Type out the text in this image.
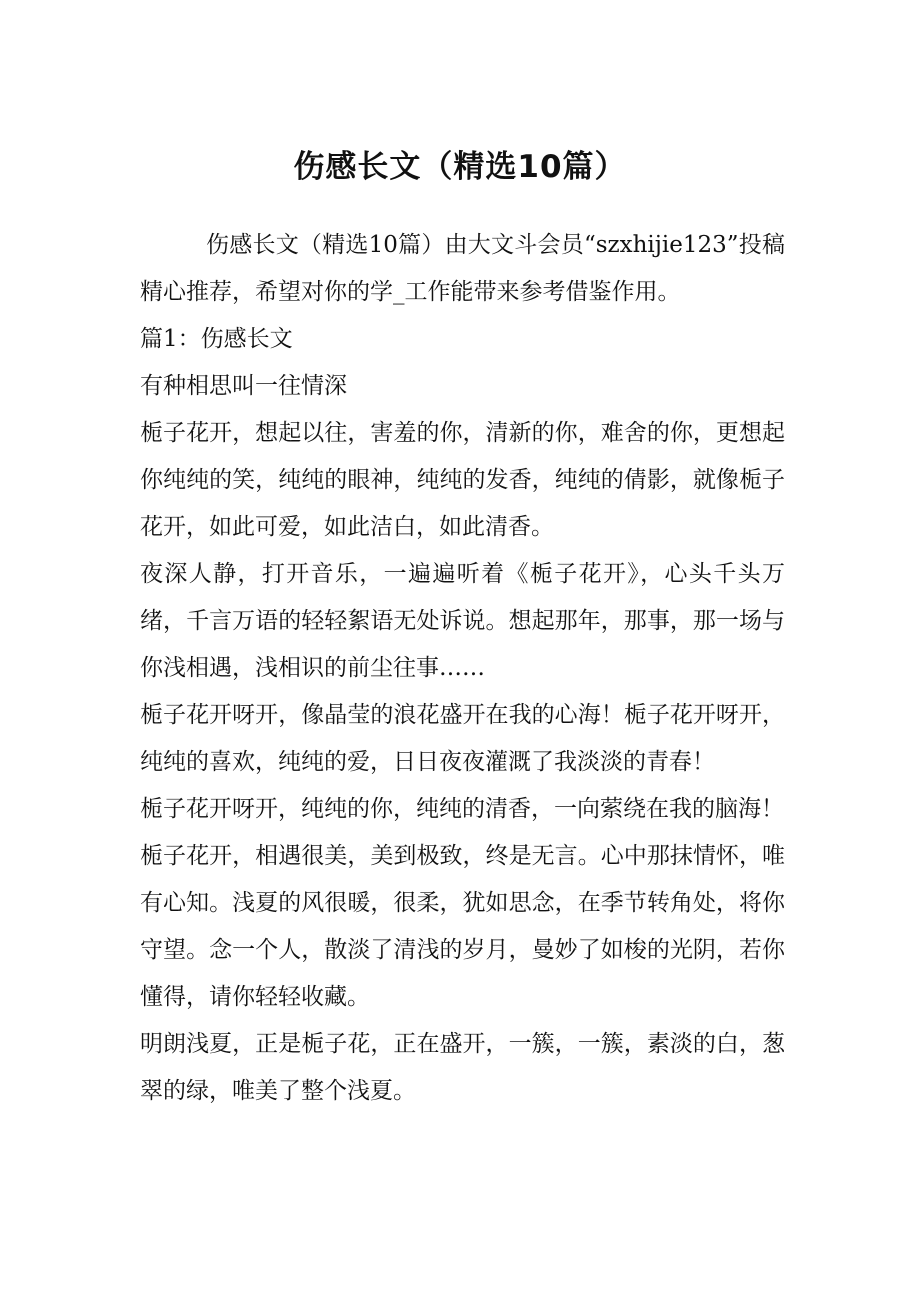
伤感长文（精选10篇）

伤感长文（精选10篇）由大文斗会员“szxhijie123”投稿精心推荐，希望对你的学_工作能带来参考借鉴作用。

篇1：伤感长文

有种相思叫一往情深

栀子花开，想起以往，害羞的你，清新的你，难舍的你，更想起你纯纯的笑，纯纯的眼神，纯纯的发香，纯纯的倩影，就像栀子花开，如此可爱，如此洁白，如此清香。

夜深人静，打开音乐，一遍遍听着《栀子花开》，心头千头万绪，千言万语的轻轻絮语无处诉说。想起那年，那事，那一场与你浅相遇，浅相识的前尘往事……

栀子花开呀开，像晶莹的浪花盛开在我的心海！栀子花开呀开，纯纯的喜欢，纯纯的爱，日日夜夜灌溉了我淡淡的青春！

栀子花开呀开，纯纯的你，纯纯的清香，一向萦绕在我的脑海！

栀子花开，相遇很美，美到极致，终是无言。心中那抹情怀，唯有心知。浅夏的风很暖，很柔，犹如思念，在季节转角处，将你守望。念一个人，散淡了清浅的岁月，曼妙了如梭的光阴，若你懂得，请你轻轻收藏。

明朗浅夏，正是栀子花，正在盛开，一簇，一簇，素淡的白，葱翠的绿，唯美了整个浅夏。
